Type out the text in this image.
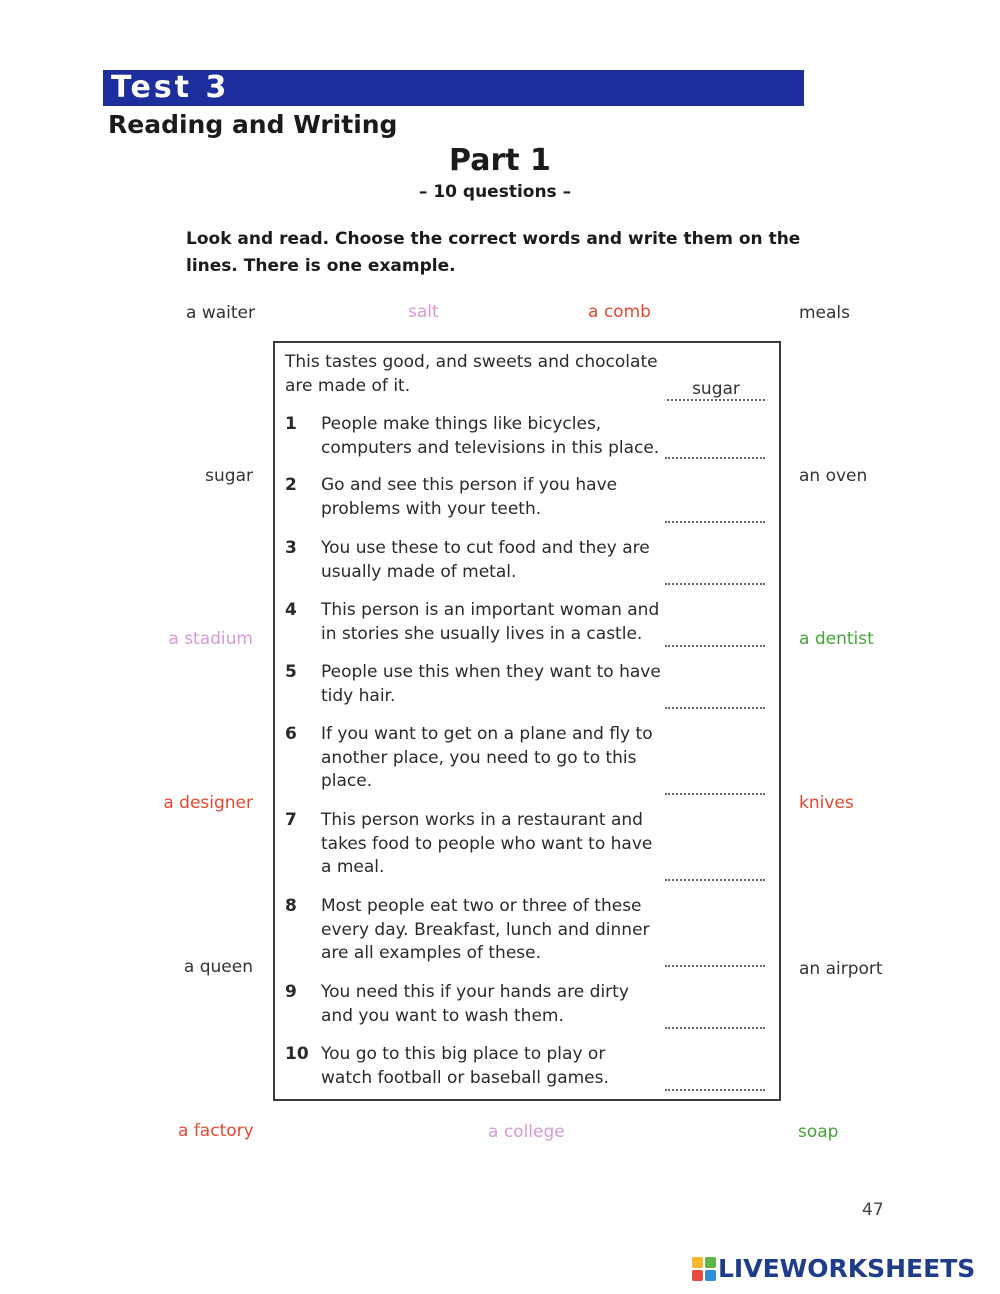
Test 3
Reading and Writing
Part 1
– 10 questions –
Look and read. Choose the correct words and write them on the lines. There is one example.
a waiter	salt	a comb	meals
sugar	an oven
a stadium	a dentist
a designer	knives
a queen	an airport
a factory	a college	soap
This tastes good, and sweets and chocolate are made of it.	sugar
1	People make things like bicycles, computers and televisions in this place.
2	Go and see this person if you have problems with your teeth.
3	You use these to cut food and they are usually made of metal.
4	This person is an important woman and in stories she usually lives in a castle.
5	People use this when they want to have tidy hair.
6	If you want to get on a plane and fly to another place, you need to go to this place.
7	This person works in a restaurant and takes food to people who want to have a meal.
8	Most people eat two or three of these every day. Breakfast, lunch and dinner are all examples of these.
9	You need this if your hands are dirty and you want to wash them.
10 You go to this big place to play or watch football or baseball games.
47
LIVEWORKSHEETS
